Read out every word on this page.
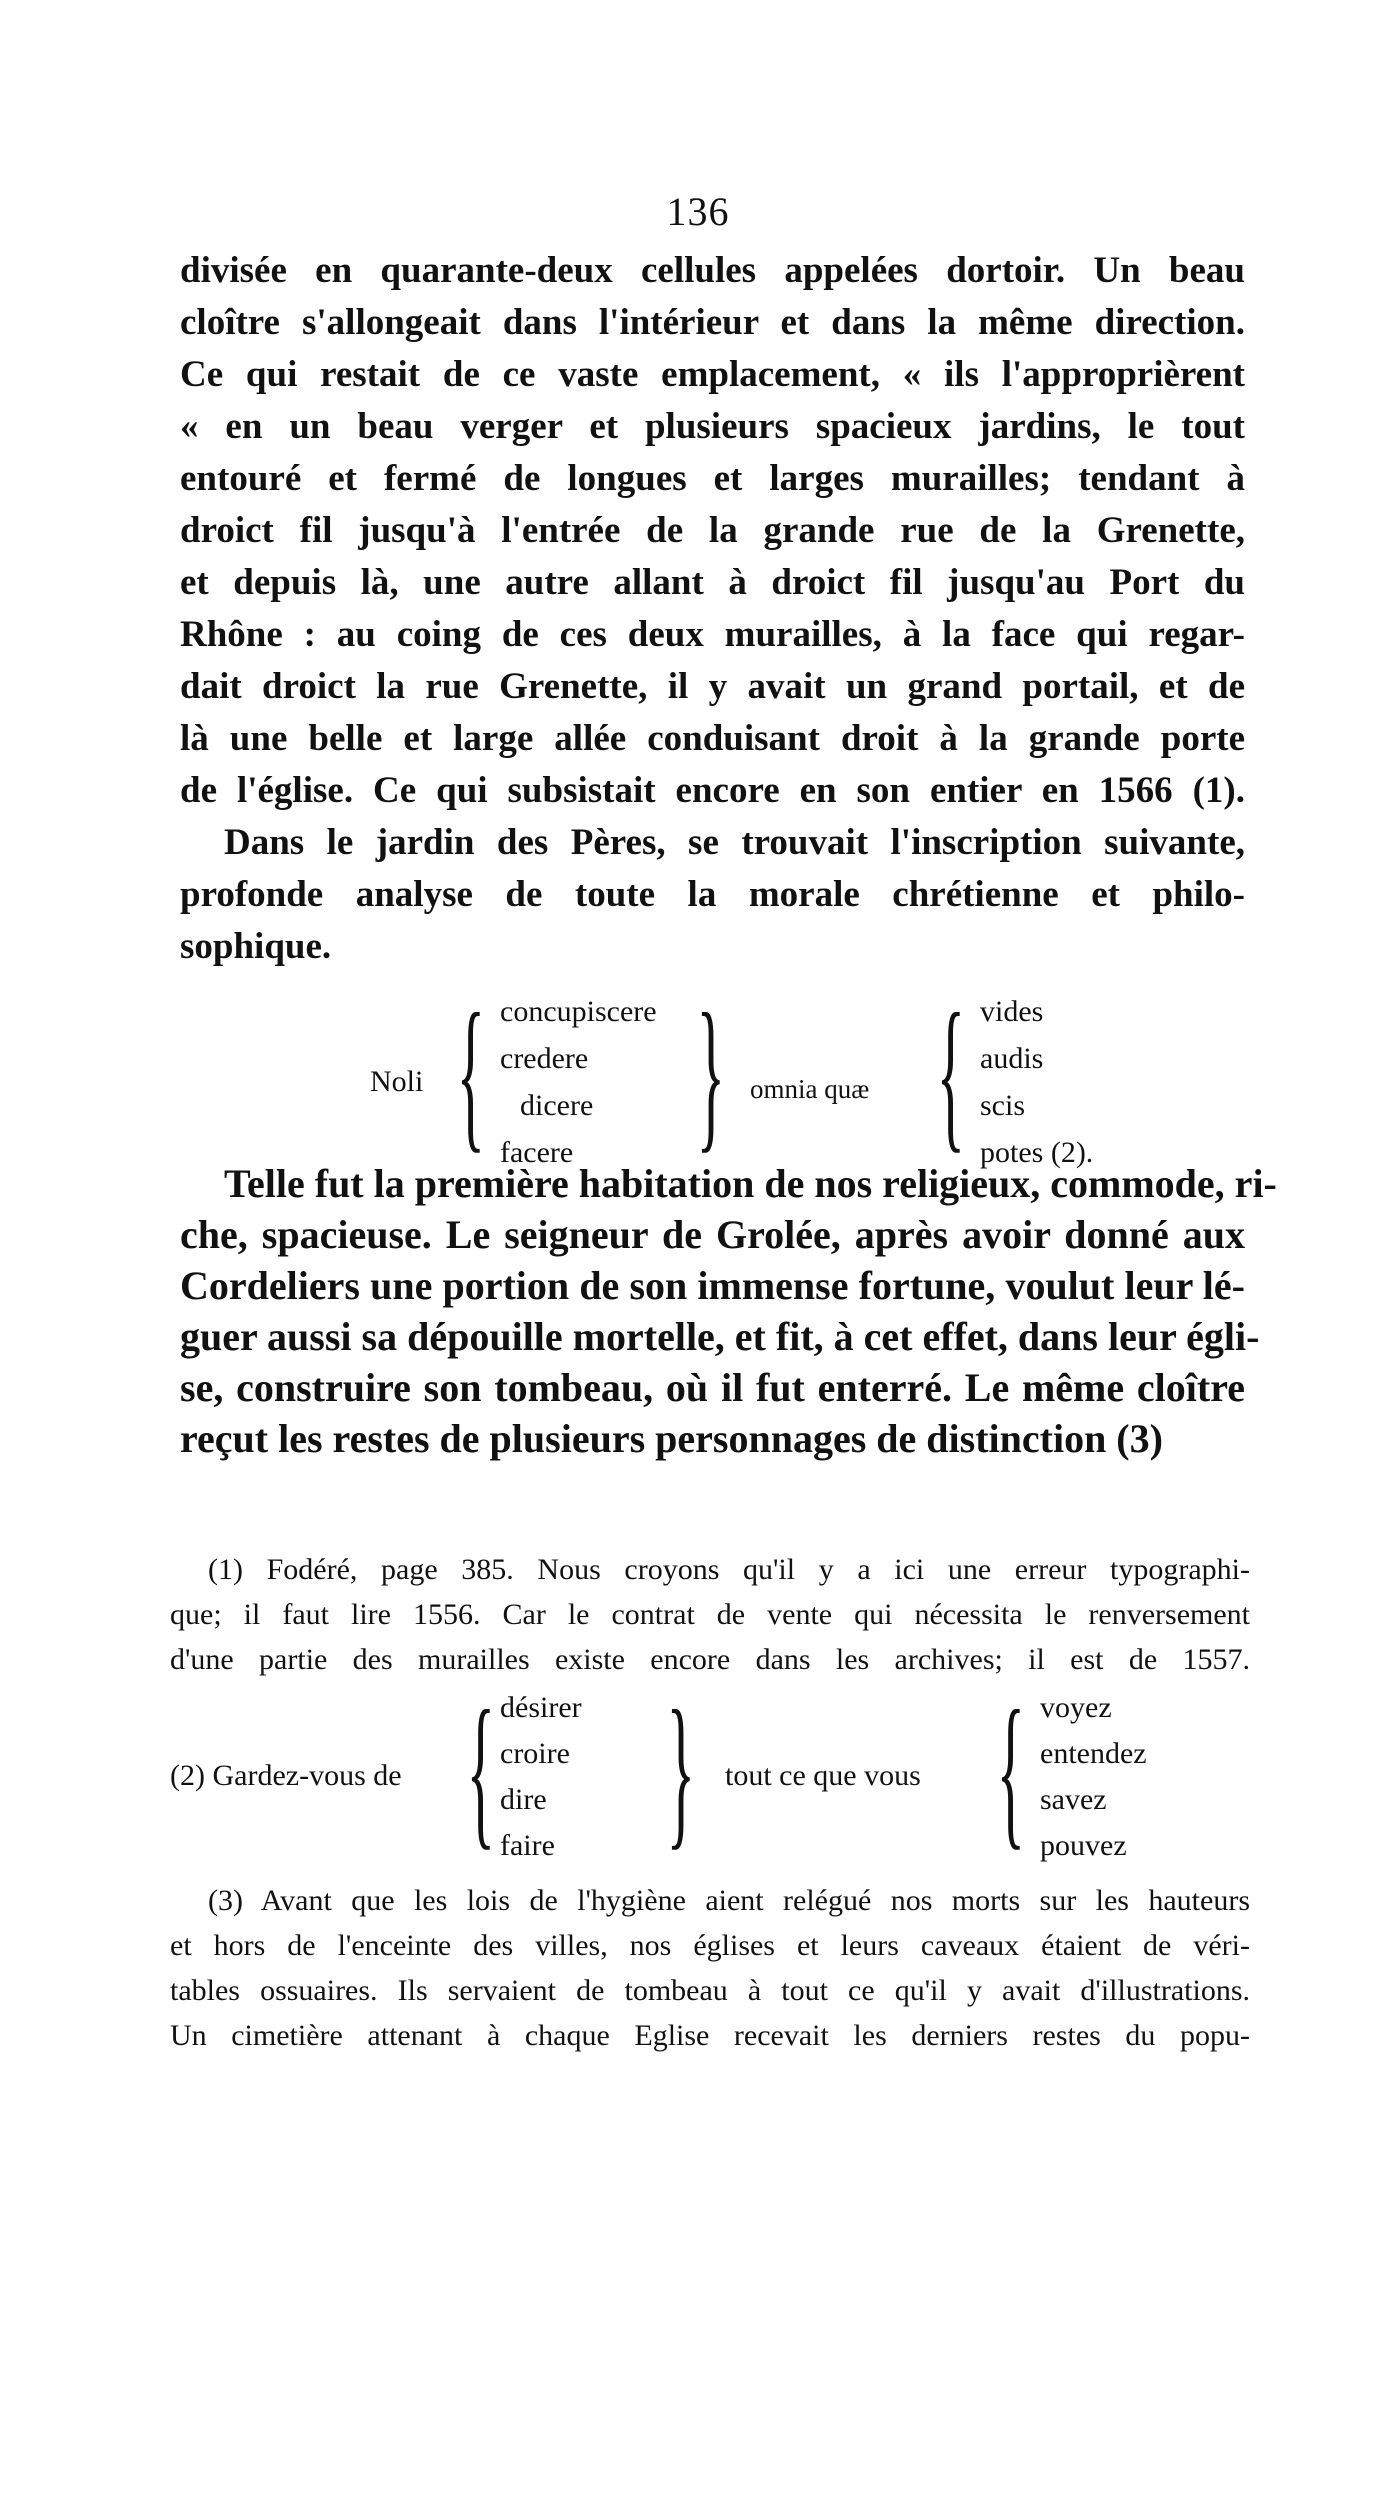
136
divisée en quarante-deux cellules appelées dortoir. Un beau
cloître s'allongeait dans l'intérieur et dans la même direction.
Ce qui restait de ce vaste emplacement, « ils l'approprièrent
« en un beau verger et plusieurs spacieux jardins, le tout
entouré et fermé de longues et larges murailles; tendant à
droict fil jusqu'à l'entrée de la grande rue de la Grenette,
et depuis là, une autre allant à droict fil jusqu'au Port du
Rhône : au coing de ces deux murailles, à la face qui regar-
dait droict la rue Grenette, il y avait un grand portail, et de
là une belle et large allée conduisant droit à la grande porte
de l'église. Ce qui subsistait encore en son entier en 1566 (1).
Dans le jardin des Pères, se trouvait l'inscription suivante,
profonde analyse de toute la morale chrétienne et philo-
sophique.
Noli { concupiscere
credere
dicere
facere } omnia quæ { vides
audis
scis
potes (2).
Telle fut la première habitation de nos religieux, commode, ri-
che, spacieuse. Le seigneur de Grolée, après avoir donné aux
Cordeliers une portion de son immense fortune, voulut leur lé-
guer aussi sa dépouille mortelle, et fit, à cet effet, dans leur égli-
se, construire son tombeau, où il fut enterré. Le même cloître
reçut les restes de plusieurs personnages de distinction (3)
(1) Fodéré, page 385. Nous croyons qu'il y a ici une erreur typographi-
que; il faut lire 1556. Car le contrat de vente qui nécessita le renversement
d'une partie des murailles existe encore dans les archives; il est de 1557.
(2) Gardez-vous de { désirer
croire
dire
faire } tout ce que vous { voyez
entendez
savez
pouvez
(3) Avant que les lois de l'hygiène aient relégué nos morts sur les hauteurs
et hors de l'enceinte des villes, nos églises et leurs caveaux étaient de véri-
tables ossuaires. Ils servaient de tombeau à tout ce qu'il y avait d'illustrations.
Un cimetière attenant à chaque Eglise recevait les derniers restes du popu-
